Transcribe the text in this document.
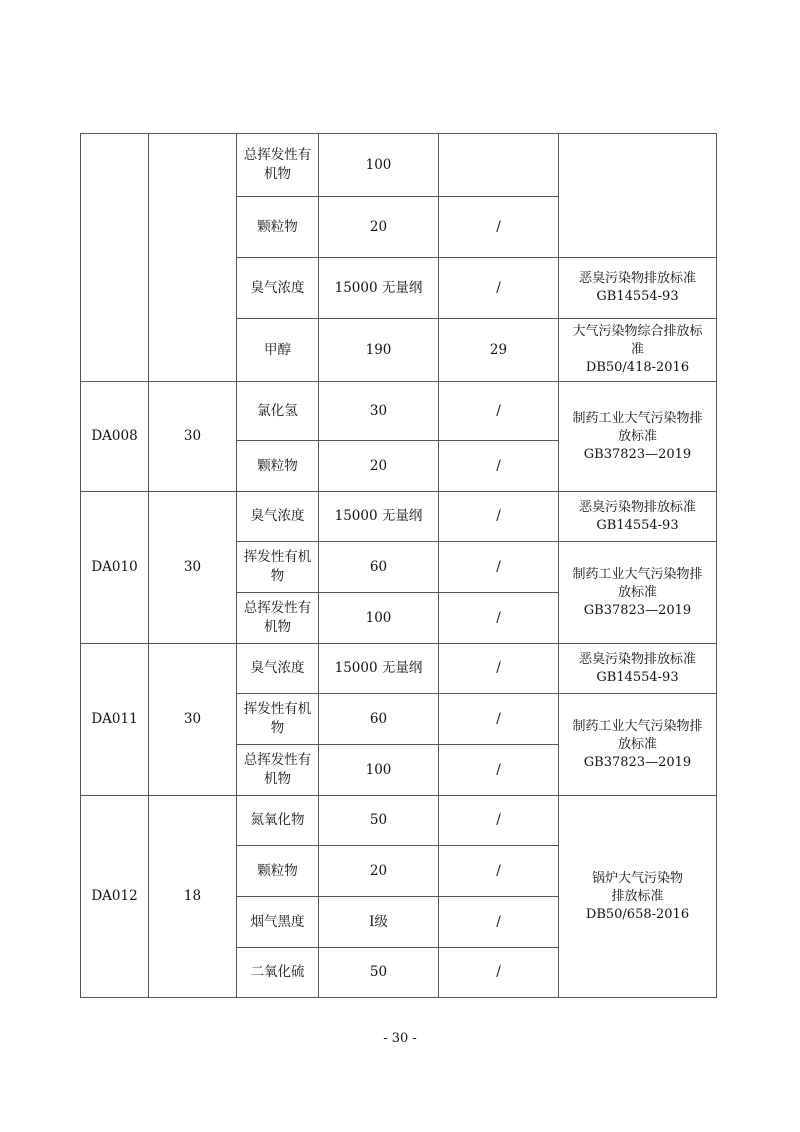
		总挥发性有机物	100		
		颗粒物	20	/	
		臭气浓度	15000 无量纲	/	恶臭污染物排放标准
GB14554-93

		甲醇	190	29	大气污染物综合排放标
准
DB50/418-2016

DA008	30	氯化氢	30	/	制药工业大气污染物排
放标准
GB37823—2019

		颗粒物	20	/	
DA010	30	臭气浓度	15000 无量纲	/	恶臭污染物排放标准
GB14554-93

		挥发性有机物	60	/	制药工业大气污染物排
放标准
GB37823—2019

		总挥发性有机物	100	/	
DA011	30	臭气浓度	15000 无量纲	/	恶臭污染物排放标准
GB14554-93

		挥发性有机物	60	/	制药工业大气污染物排
放标准
GB37823—2019

		总挥发性有机物	100	/	
DA012	18	氮氧化物	50	/	锅炉大气污染物
排放标准
DB50/658-2016

		颗粒物	20	/	
		烟气黑度	Ⅰ级	/	
		二氧化硫	50	/	
- 30 -
